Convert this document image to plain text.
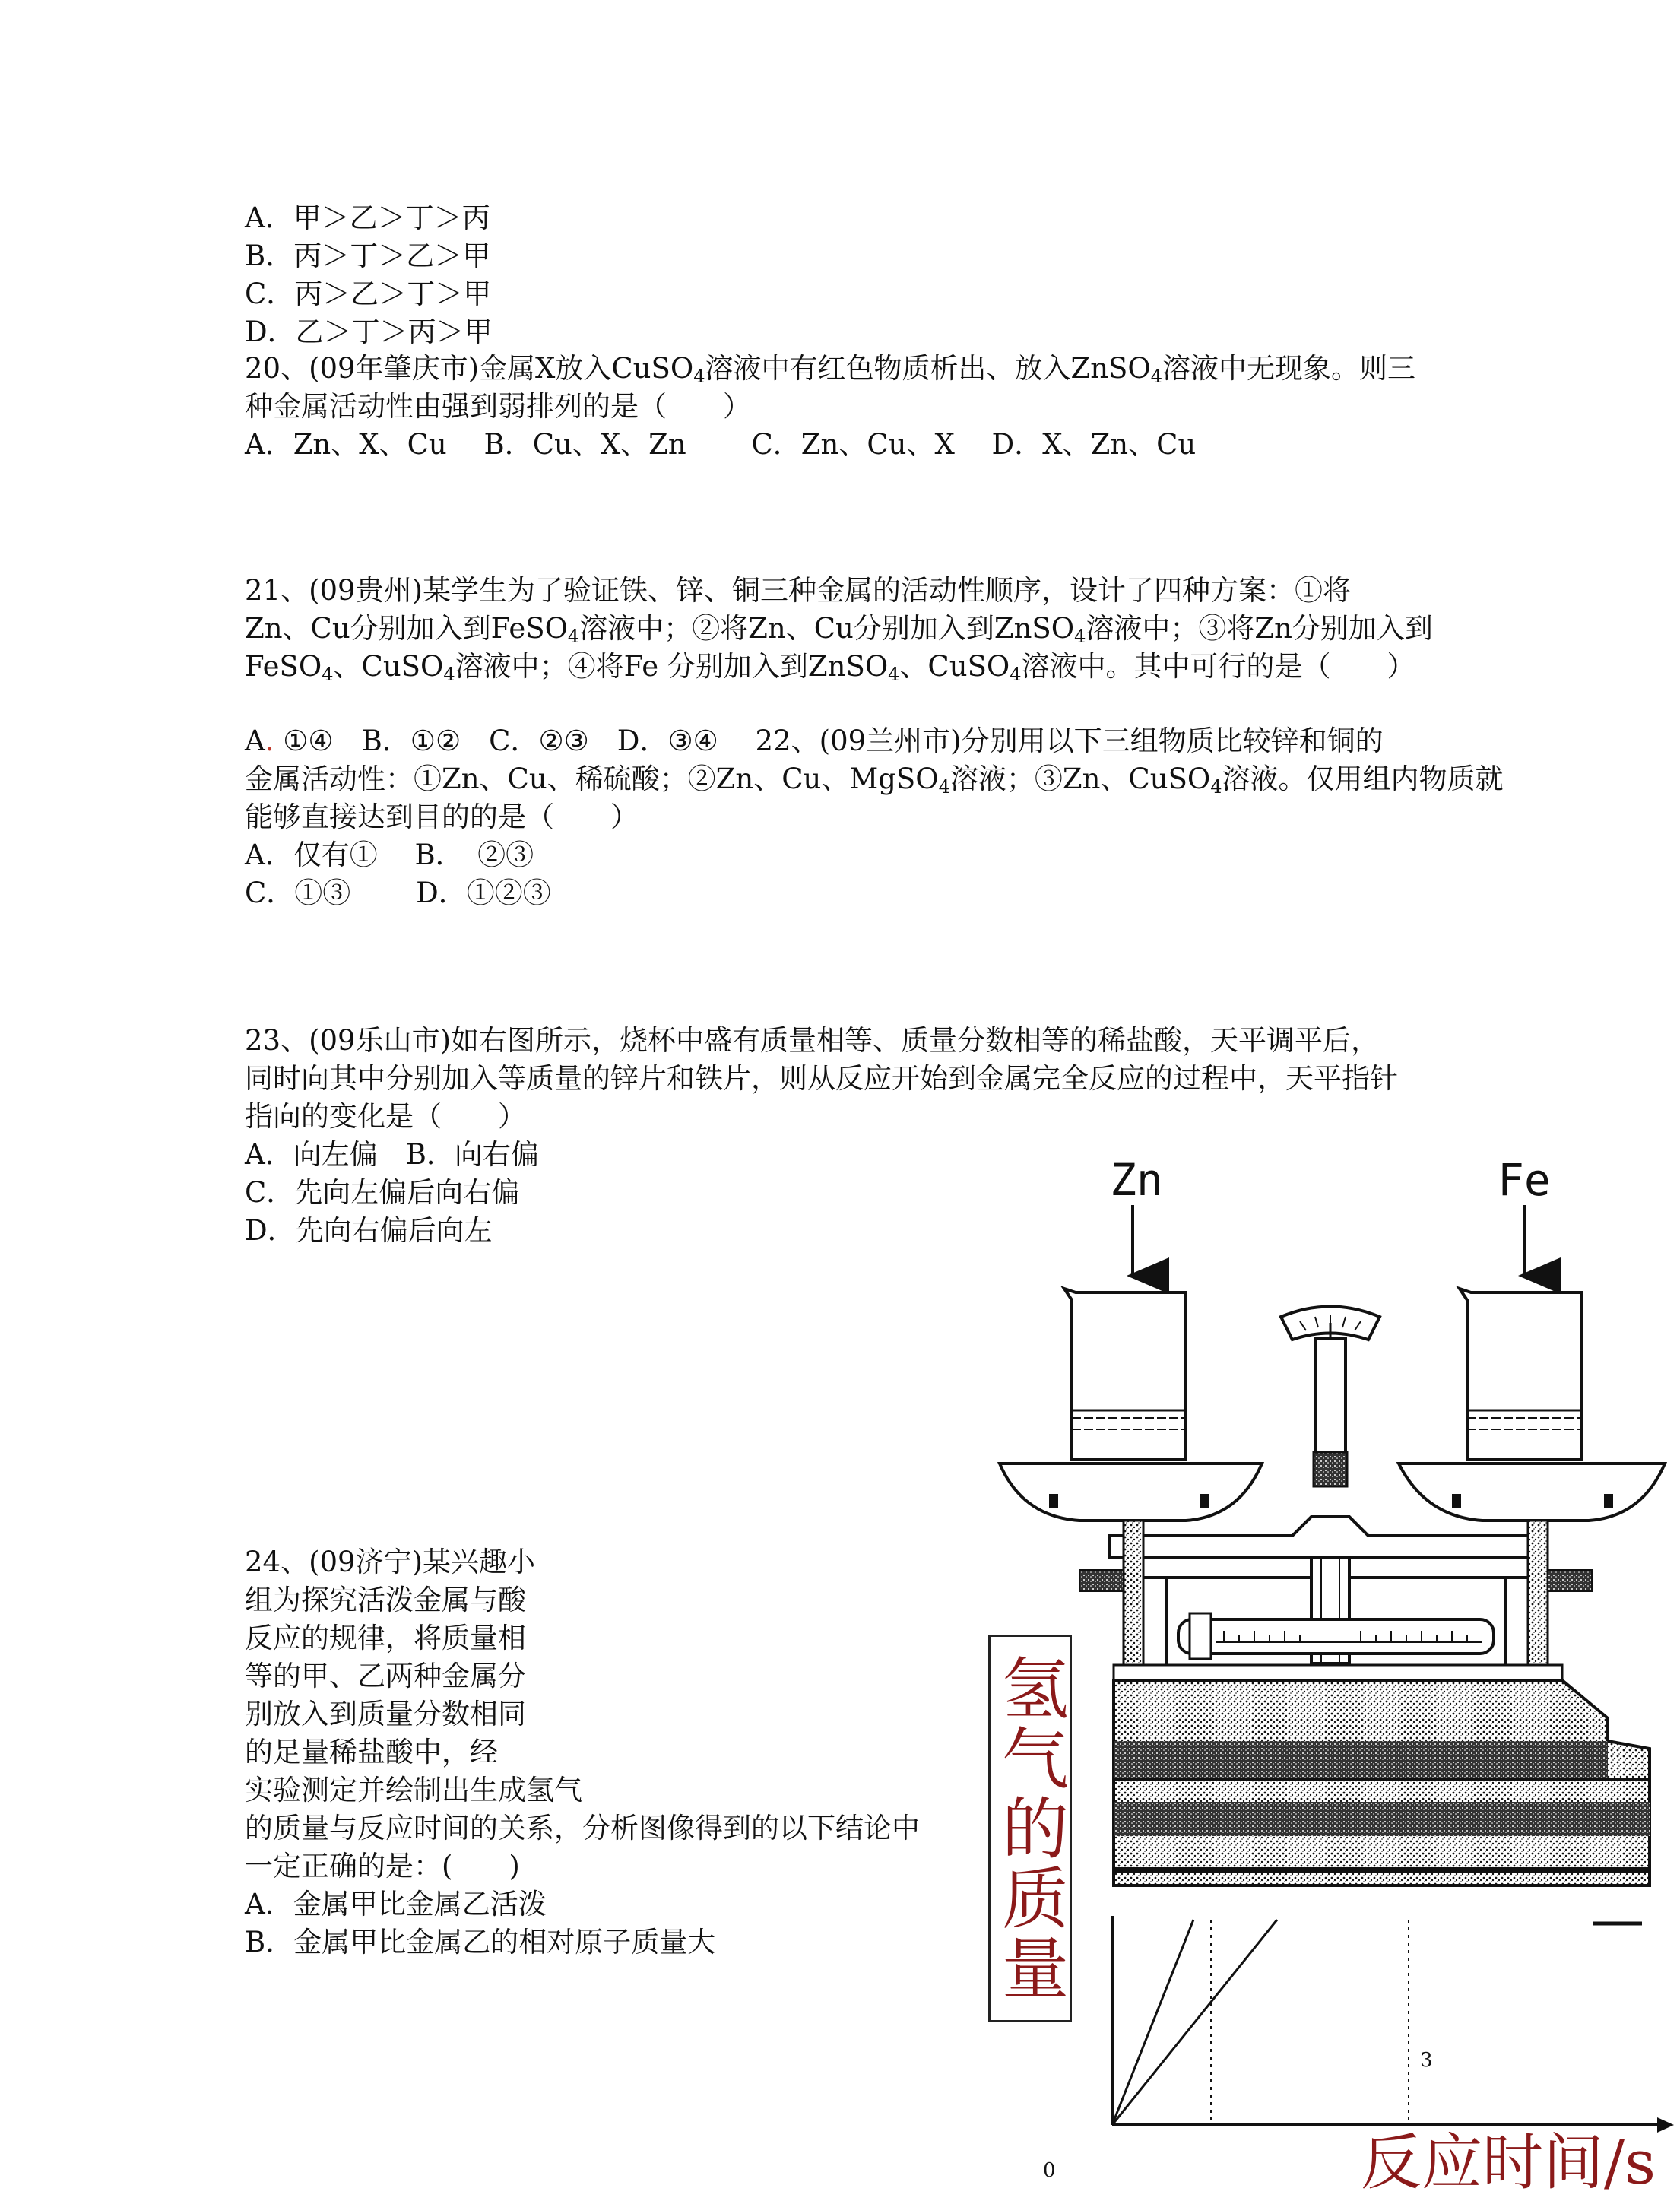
A．甲＞乙＞丁＞丙
B．丙＞丁＞乙＞甲
C．丙＞乙＞丁＞甲
D．乙＞丁＞丙＞甲
20、(09年肇庆市)金属X放入CuSO$_4$溶液中有红色物质析出、放入ZnSO$_4$溶液中无现象。则三
种金属活动性由强到弱排列的是（　　）
A．Zn、X、Cu　 B．Cu、X、Zn　　 C．Zn、Cu、X　 D．X、Zn、Cu
21、(09贵州)某学生为了验证铁、锌、铜三种金属的活动性顺序，设计了四种方案：①将
Zn、Cu分别加入到FeSO$_4$溶液中；②将Zn、Cu分别加入到ZnSO$_4$溶液中；③将Zn分别加入到
FeSO$_4$、CuSO$_4$溶液中；④将Fe 分别加入到ZnSO$_4$、CuSO$_4$溶液中。其中可行的是（　　）
A. ①④　B．①②　C．②③　D．③④　 22、(09兰州市)分别用以下三组物质比较锌和铜的
金属活动性：①Zn、Cu、稀硫酸；②Zn、Cu、MgSO$_4$溶液；③Zn、CuSO$_4$溶液。仅用组内物质就
能够直接达到目的的是（　　）
A．仅有①　 B．　②③
C．①③　　 D．①②③
23、(09乐山市)如右图所示，烧杯中盛有质量相等、质量分数相等的稀盐酸，天平调平后，
同时向其中分别加入等质量的锌片和铁片，则从反应开始到金属完全反应的过程中，天平指针
指向的变化是（　　）
A．向左偏　B．向右偏
C．先向左偏后向右偏
D．先向右偏后向左
24、(09济宁)某兴趣小
组为探究活泼金属与酸
反应的规律，将质量相
等的甲、乙两种金属分
别放入到质量分数相同
的足量稀盐酸中，经
实验测定并绘制出生成氢气
的质量与反应时间的关系，分析图像得到的以下结论中
一定正确的是：(　　)
A．金属甲比金属乙活泼
B．金属甲比金属乙的相对原子质量大
Zn	Fe
氢气的质量
3
0	反应时间/s
